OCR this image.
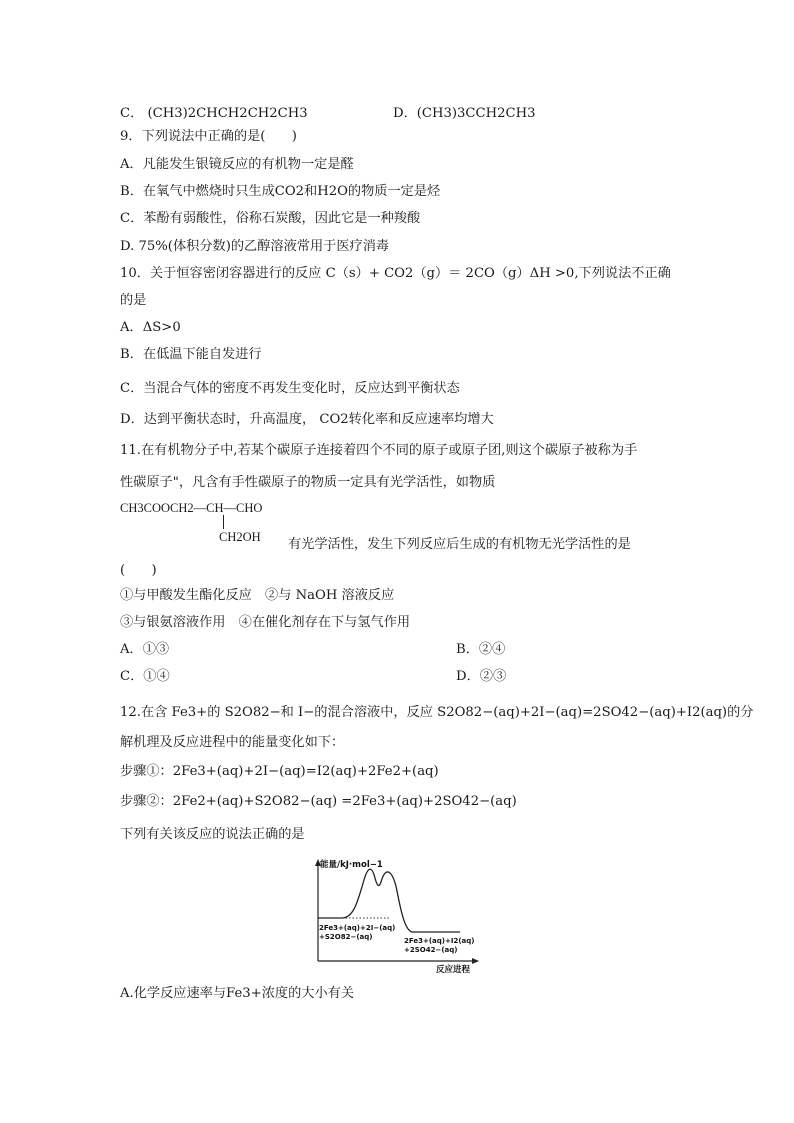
C． (CH3)2CHCH2CH2CH3	D．(CH3)3CCH2CH3
9．下列说法中正确的是(　　)
A．凡能发生银镜反应的有机物一定是醛
B．在氧气中燃烧时只生成CO2和H2O的物质一定是烃
C．苯酚有弱酸性，俗称石炭酸，因此它是一种羧酸
D. 75%(体积分数)的乙醇溶液常用于医疗消毒
10．关于恒容密闭容器进行的反应 C（s）+ CO2（g）＝ 2CO（g）ΔH >0,下列说法不正确
的是
A．ΔS>0
B．在低温下能自发进行
C．当混合气体的密度不再发生变化时，反应达到平衡状态
D．达到平衡状态时，升高温度， CO2转化率和反应速率均增大
11.在有机物分子中,若某个碳原子连接着四个不同的原子或原子团,则这个碳原子被称为手
性碳原子"，凡含有手性碳原子的物质一定具有光学活性，如物质
CH3COOCH2—CH—CHO
CH2OH 有光学活性，发生下列反应后生成的有机物无光学活性的是
(　　)
①与甲酸发生酯化反应　②与 NaOH 溶液反应
③与银氨溶液作用　④在催化剂存在下与氢气作用
A．①③	B．②④
C．①④	D．②③
12.在含 Fe3+的 S2O82−和 I−的混合溶液中，反应 S2O82−(aq)+2I−(aq)=2SO42−(aq)+I2(aq)的分
解机理及反应进程中的能量变化如下：
步骤①：2Fe3+(aq)+2I−(aq)=I2(aq)+2Fe2+(aq)
步骤②：2Fe2+(aq)+S2O82−(aq) =2Fe3+(aq)+2SO42−(aq)
下列有关该反应的说法正确的是
能量/kJ·mol−1
2Fe3+(aq)+2I−(aq)
+S2O82−(aq)	2Fe3+(aq)+I2(aq)
+2SO42−(aq)
反应进程
A.化学反应速率与Fe3+浓度的大小有关
